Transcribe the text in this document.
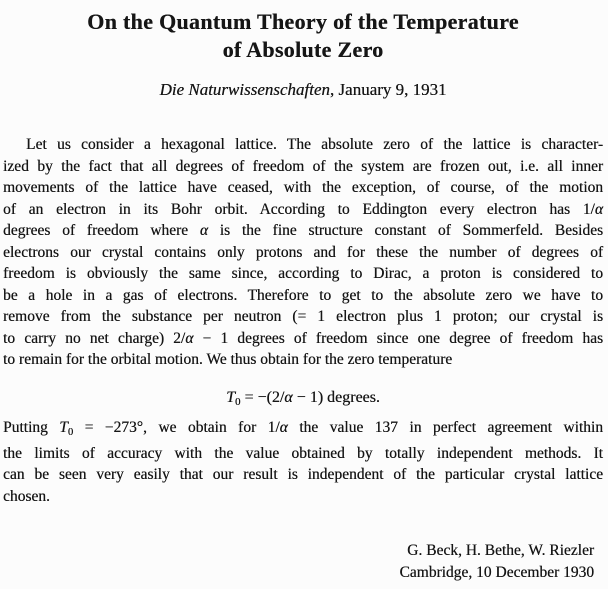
On the Quantum Theory of the Temperature
of Absolute Zero
Die Naturwissenschaften, January 9, 1931
Let us consider a hexagonal lattice. The absolute zero of the lattice is character-
ized by the fact that all degrees of freedom of the system are frozen out, i.e. all inner
movements of the lattice have ceased, with the exception, of course, of the motion
of an electron in its Bohr orbit. According to Eddington every electron has 1/α
degrees of freedom where α is the fine structure constant of Sommerfeld. Besides
electrons our crystal contains only protons and for these the number of degrees of
freedom is obviously the same since, according to Dirac, a proton is considered to
be a hole in a gas of electrons. Therefore to get to the absolute zero we have to
remove from the substance per neutron (= 1 electron plus 1 proton; our crystal is
to carry no net charge) 2/α − 1 degrees of freedom since one degree of freedom has
to remain for the orbital motion. We thus obtain for the zero temperature
T0 = −(2/α − 1) degrees.
Putting T0 = −273°, we obtain for 1/α the value 137 in perfect agreement within
the limits of accuracy with the value obtained by totally independent methods. It
can be seen very easily that our result is independent of the particular crystal lattice
chosen.
G. Beck, H. Bethe, W. Riezler
Cambridge, 10 December 1930
